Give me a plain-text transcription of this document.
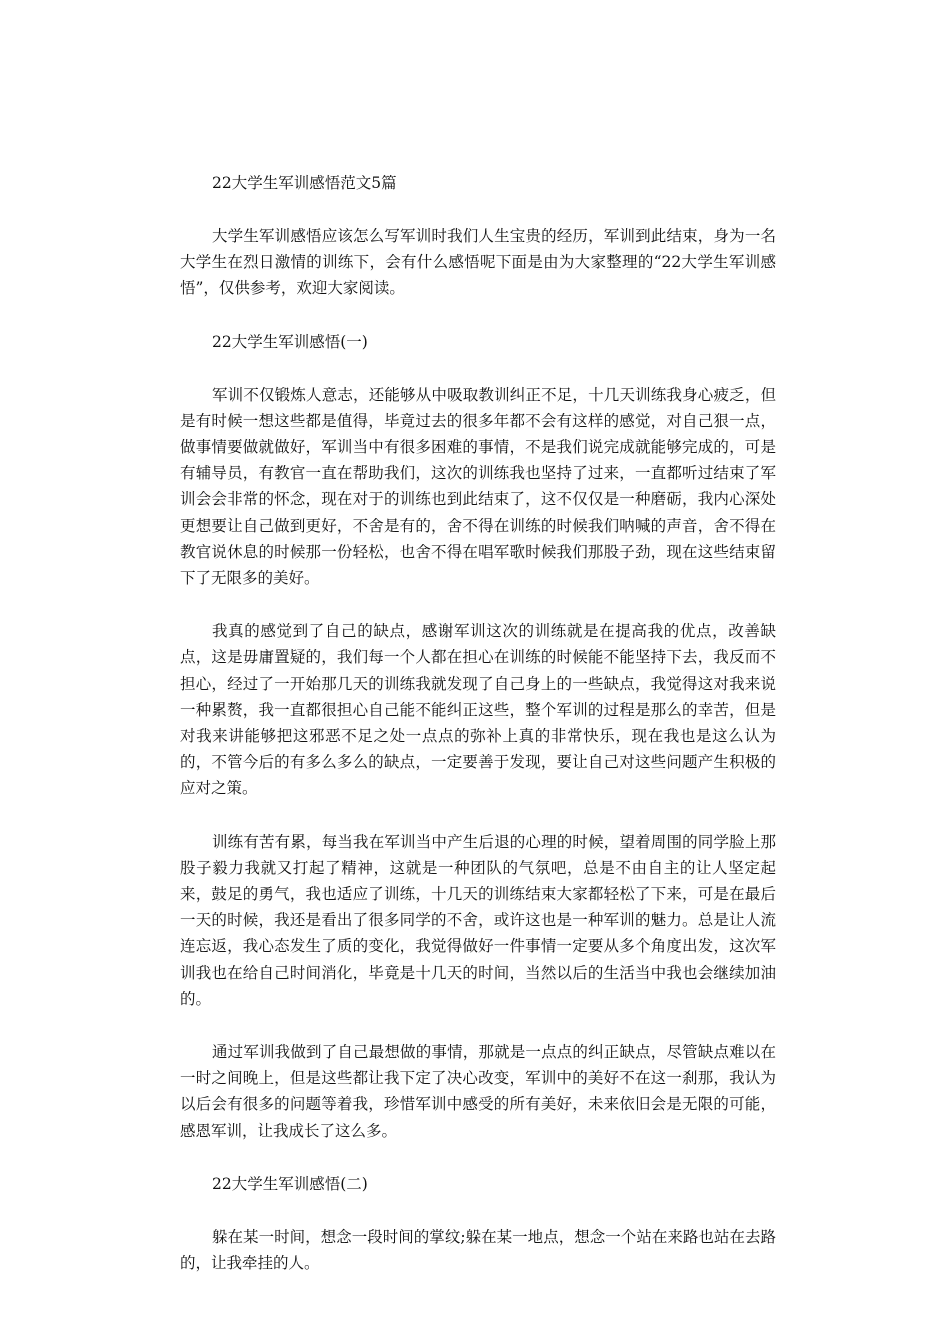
22大学生军训感悟范文5篇

大学生军训感悟应该怎么写军训时我们人生宝贵的经历，军训到此结束，身为一名大学生在烈日激情的训练下，会有什么感悟呢下面是由为大家整理的“22大学生军训感悟”，仅供参考，欢迎大家阅读。

22大学生军训感悟(一)

军训不仅锻炼人意志，还能够从中吸取教训纠正不足，十几天训练我身心疲乏，但是有时候一想这些都是值得，毕竟过去的很多年都不会有这样的感觉，对自己狠一点，做事情要做就做好，军训当中有很多困难的事情，不是我们说完成就能够完成的，可是有辅导员，有教官一直在帮助我们，这次的训练我也坚持了过来，一直都听过结束了军训会会非常的怀念，现在对于的训练也到此结束了，这不仅仅是一种磨砺，我内心深处更想要让自己做到更好，不舍是有的，舍不得在训练的时候我们呐喊的声音，舍不得在教官说休息的时候那一份轻松，也舍不得在唱军歌时候我们那股子劲，现在这些结束留下了无限多的美好。

我真的感觉到了自己的缺点，感谢军训这次的训练就是在提高我的优点，改善缺点，这是毋庸置疑的，我们每一个人都在担心在训练的时候能不能坚持下去，我反而不担心，经过了一开始那几天的训练我就发现了自己身上的一些缺点，我觉得这对我来说一种累赘，我一直都很担心自己能不能纠正这些，整个军训的过程是那么的幸苦，但是对我来讲能够把这邪恶不足之处一点点的弥补上真的非常快乐，现在我也是这么认为的，不管今后的有多么多么的缺点，一定要善于发现，要让自己对这些问题产生积极的应对之策。

训练有苦有累，每当我在军训当中产生后退的心理的时候，望着周围的同学脸上那股子毅力我就又打起了精神，这就是一种团队的气氛吧，总是不由自主的让人坚定起来，鼓足的勇气，我也适应了训练，十几天的训练结束大家都轻松了下来，可是在最后一天的时候，我还是看出了很多同学的不舍，或许这也是一种军训的魅力。总是让人流连忘返，我心态发生了质的变化，我觉得做好一件事情一定要从多个角度出发，这次军训我也在给自己时间消化，毕竟是十几天的时间，当然以后的生活当中我也会继续加油的。

通过军训我做到了自己最想做的事情，那就是一点点的纠正缺点，尽管缺点难以在一时之间晚上，但是这些都让我下定了决心改变，军训中的美好不在这一刹那，我认为以后会有很多的问题等着我，珍惜军训中感受的所有美好，未来依旧会是无限的可能，感恩军训，让我成长了这么多。

22大学生军训感悟(二)

躲在某一时间，想念一段时间的掌纹;躲在某一地点，想念一个站在来路也站在去路的，让我牵挂的人。
